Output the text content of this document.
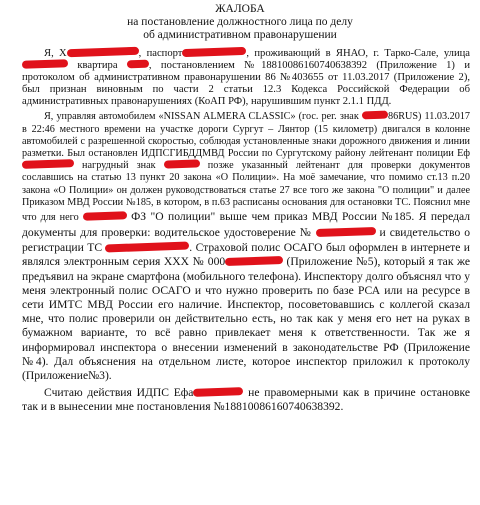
ЖАЛОБА
на постановление должностного лица по делу
об административном правонарушении

Я, Х	, паспорт	, проживающий в ЯНАО, г. Тарко-Сале, улица  квартира	, постановлением №18810086160740638392 (Приложение 1) и протоколом об административном правонарушении 86 №403655 от 11.03.2017 (Приложение 2), был признан виновным по части 2 статьи 12.3 Кодекса Российской Федерации об административных правонарушениях (КоАП РФ), нарушившим пункт 2.1.1 ПДД.

Я, управляя автомобилем «NISSAN ALMERA CLASSIC» (гос. рег. знак	86RUS) 11.03.2017 в 22:46 местного времени на участке дороги Сургут – Лянтор (15 километр) двигался в колонне автомобилей с разрешенной скоростью, соблюдая установленные знаки дорожного движения и линии разметки. Был остановлен ИДПСГИБДДМВД России по Сургутскому району лейтенант полиции Еф нагрудный знак	позже указанный лейтенант для проверки документов сославшись на статью 13 пункт 20 закона «О Полиции». На моё замечание, что помимо ст.13 п.20 закона «О Полиции» он должен руководствоваться статье 27 все того же закона "О полиции" и далее Приказом МВД России №185, в котором, в п.63 расписаны основания для остановки ТС. Пояснил мне что для него	ФЗ "О полиции" выше чем приказ МВД России №185. Я передал документы для проверки: водительское удостоверение №	и свидетельство о регистрации ТС	. Страховой полис ОСАГО был оформлен в интернете и являлся электронным серия ХХХ № 000	(Приложение №5), который я так же предъявил на экране смартфона (мобильного телефона). Инспектору долго объяснял что у меня электронный полис ОСАГО и что нужно проверить по базе РСА или на ресурсе в сети ИМТС МВД России его наличие. Инспектор, посоветовавшись с коллегой сказал мне, что полис проверили он действительно есть, но так как у меня его нет на руках в бумажном варианте, то всё равно привлекает меня к ответственности. Так же я информировал инспектора о внесении изменений в законодательстве РФ (Приложение №4). Дал объяснения на отдельном листе, которое инспектор приложил к протоколу (Приложение№3).

Считаю действия ИДПС Ефа	не правомерными как в причине остановке так и в вынесении мне постановления №18810086160740638392.
